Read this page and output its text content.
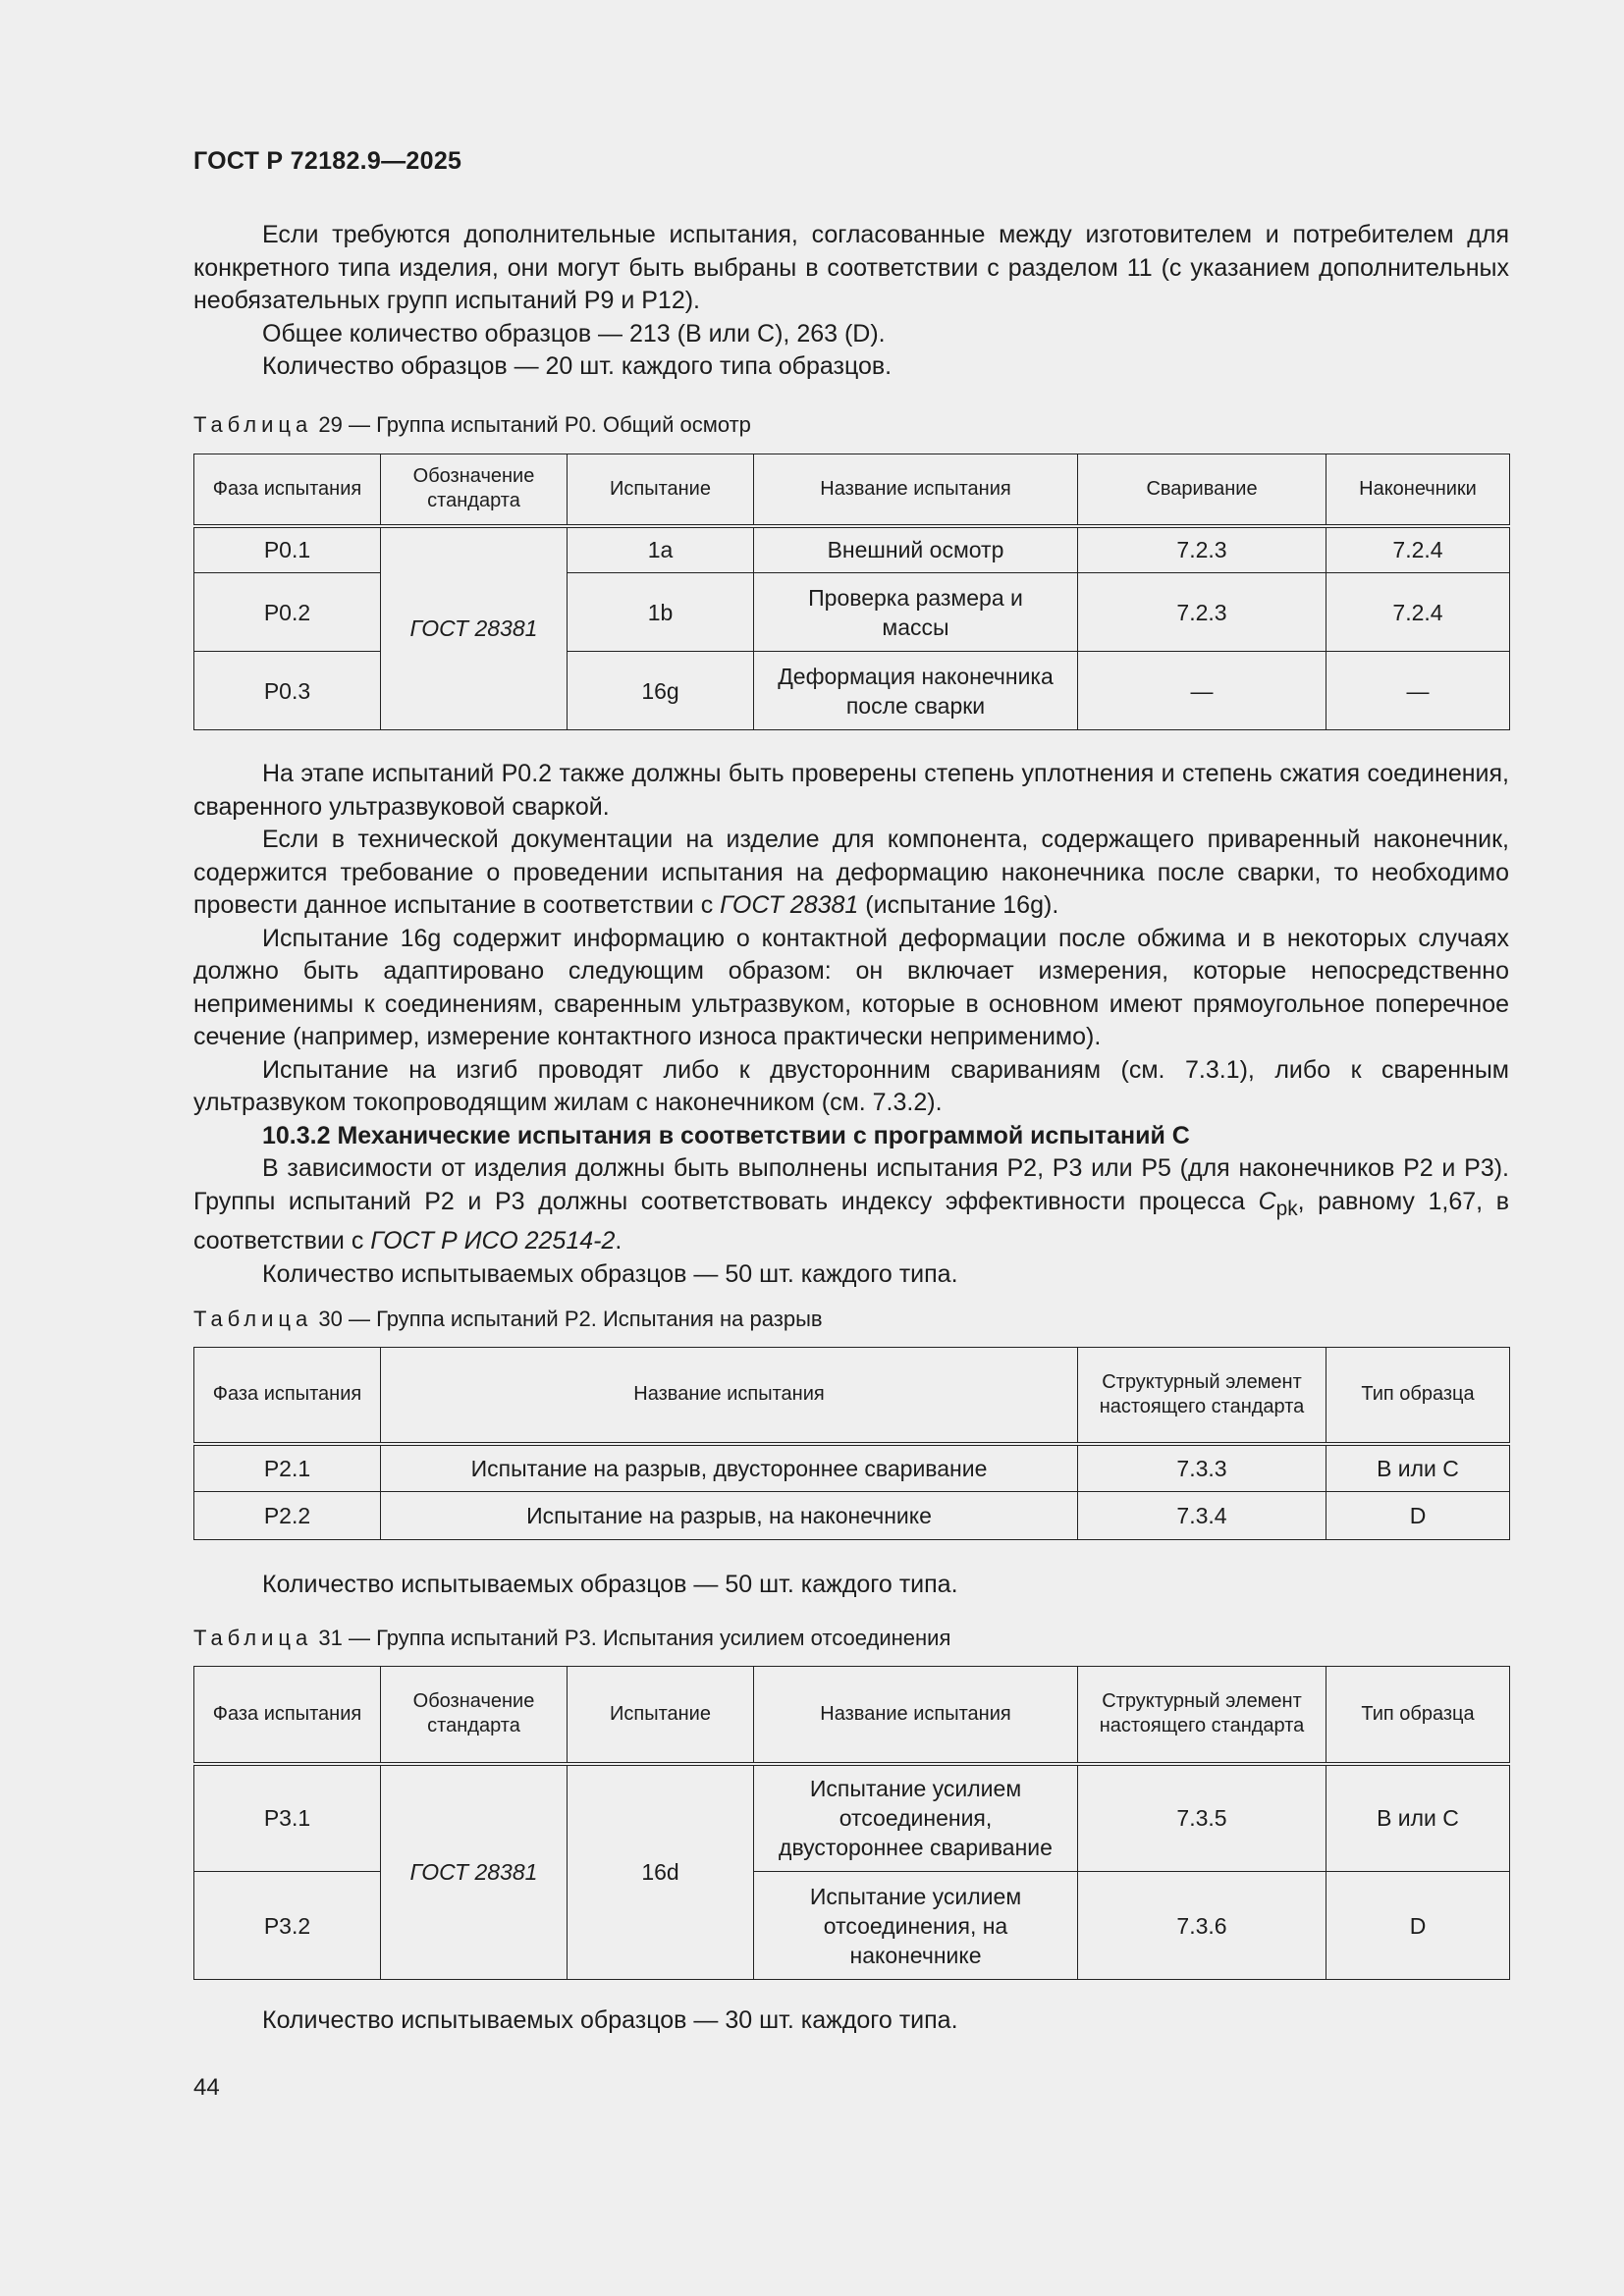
ГОСТ Р 72182.9—2025

Если требуются дополнительные испытания, согласованные между изготовителем и потребителем для конкретного типа изделия, они могут быть выбраны в соответствии с разделом 11 (с указанием дополнительных необязательных групп испытаний Р9 и Р12).

Общее количество образцов — 213 (В или С), 263 (D).

Количество образцов — 20 шт. каждого типа образцов.

Таблица 29 — Группа испытаний Р0. Общий осмотр
Фаза испытания	Обозначение стандарта	Испытание	Название испытания	Сваривание	Наконечники
Р0.1	ГОСТ 28381	1a	Внешний осмотр	7.2.3	7.2.4
Р0.2		1b	Проверка размера и массы	7.2.3	7.2.4
Р0.3		16g	Деформация наконечника после сварки	—	—

На этапе испытаний Р0.2 также должны быть проверены степень уплотнения и степень сжатия соединения, сваренного ультразвуковой сваркой.

Если в технической документации на изделие для компонента, содержащего приваренный наконечник, содержится требование о проведении испытания на деформацию наконечника после сварки, то необходимо провести данное испытание в соответствии с ГОСТ 28381 (испытание 16g).

Испытание 16g содержит информацию о контактной деформации после обжима и в некоторых случаях должно быть адаптировано следующим образом: он включает измерения, которые непосредственно неприменимы к соединениям, сваренным ультразвуком, которые в основном имеют прямоугольное поперечное сечение (например, измерение контактного износа практически неприменимо).

Испытание на изгиб проводят либо к двусторонним свариваниям (см. 7.3.1), либо к сваренным ультразвуком токопроводящим жилам с наконечником (см. 7.3.2).

10.3.2 Механические испытания в соответствии с программой испытаний С

В зависимости от изделия должны быть выполнены испытания Р2, Р3 или Р5 (для наконечников Р2 и Р3). Группы испытаний Р2 и Р3 должны соответствовать индексу эффективности процесса $C_{pk}$, равному 1,67, в соответствии с ГОСТ Р ИСО 22514-2.

Количество испытываемых образцов — 50 шт. каждого типа.

Таблица 30 — Группа испытаний Р2. Испытания на разрыв
Фаза испытания	Название испытания	Структурный элемент настоящего стандарта	Тип образца
Р2.1	Испытание на разрыв, двустороннее сваривание	7.3.3	В или С
Р2.2	Испытание на разрыв, на наконечнике	7.3.4	D

Количество испытываемых образцов — 50 шт. каждого типа.

Таблица 31 — Группа испытаний Р3. Испытания усилием отсоединения
Фаза испытания	Обозначение стандарта	Испытание	Название испытания	Структурный элемент настоящего стандарта	Тип образца
Р3.1	ГОСТ 28381	16d	Испытание усилием отсоединения, двустороннее сваривание	7.3.5	В или С
Р3.2			Испытание усилием отсоединения, на наконечнике	7.3.6	D

Количество испытываемых образцов — 30 шт. каждого типа.

44
